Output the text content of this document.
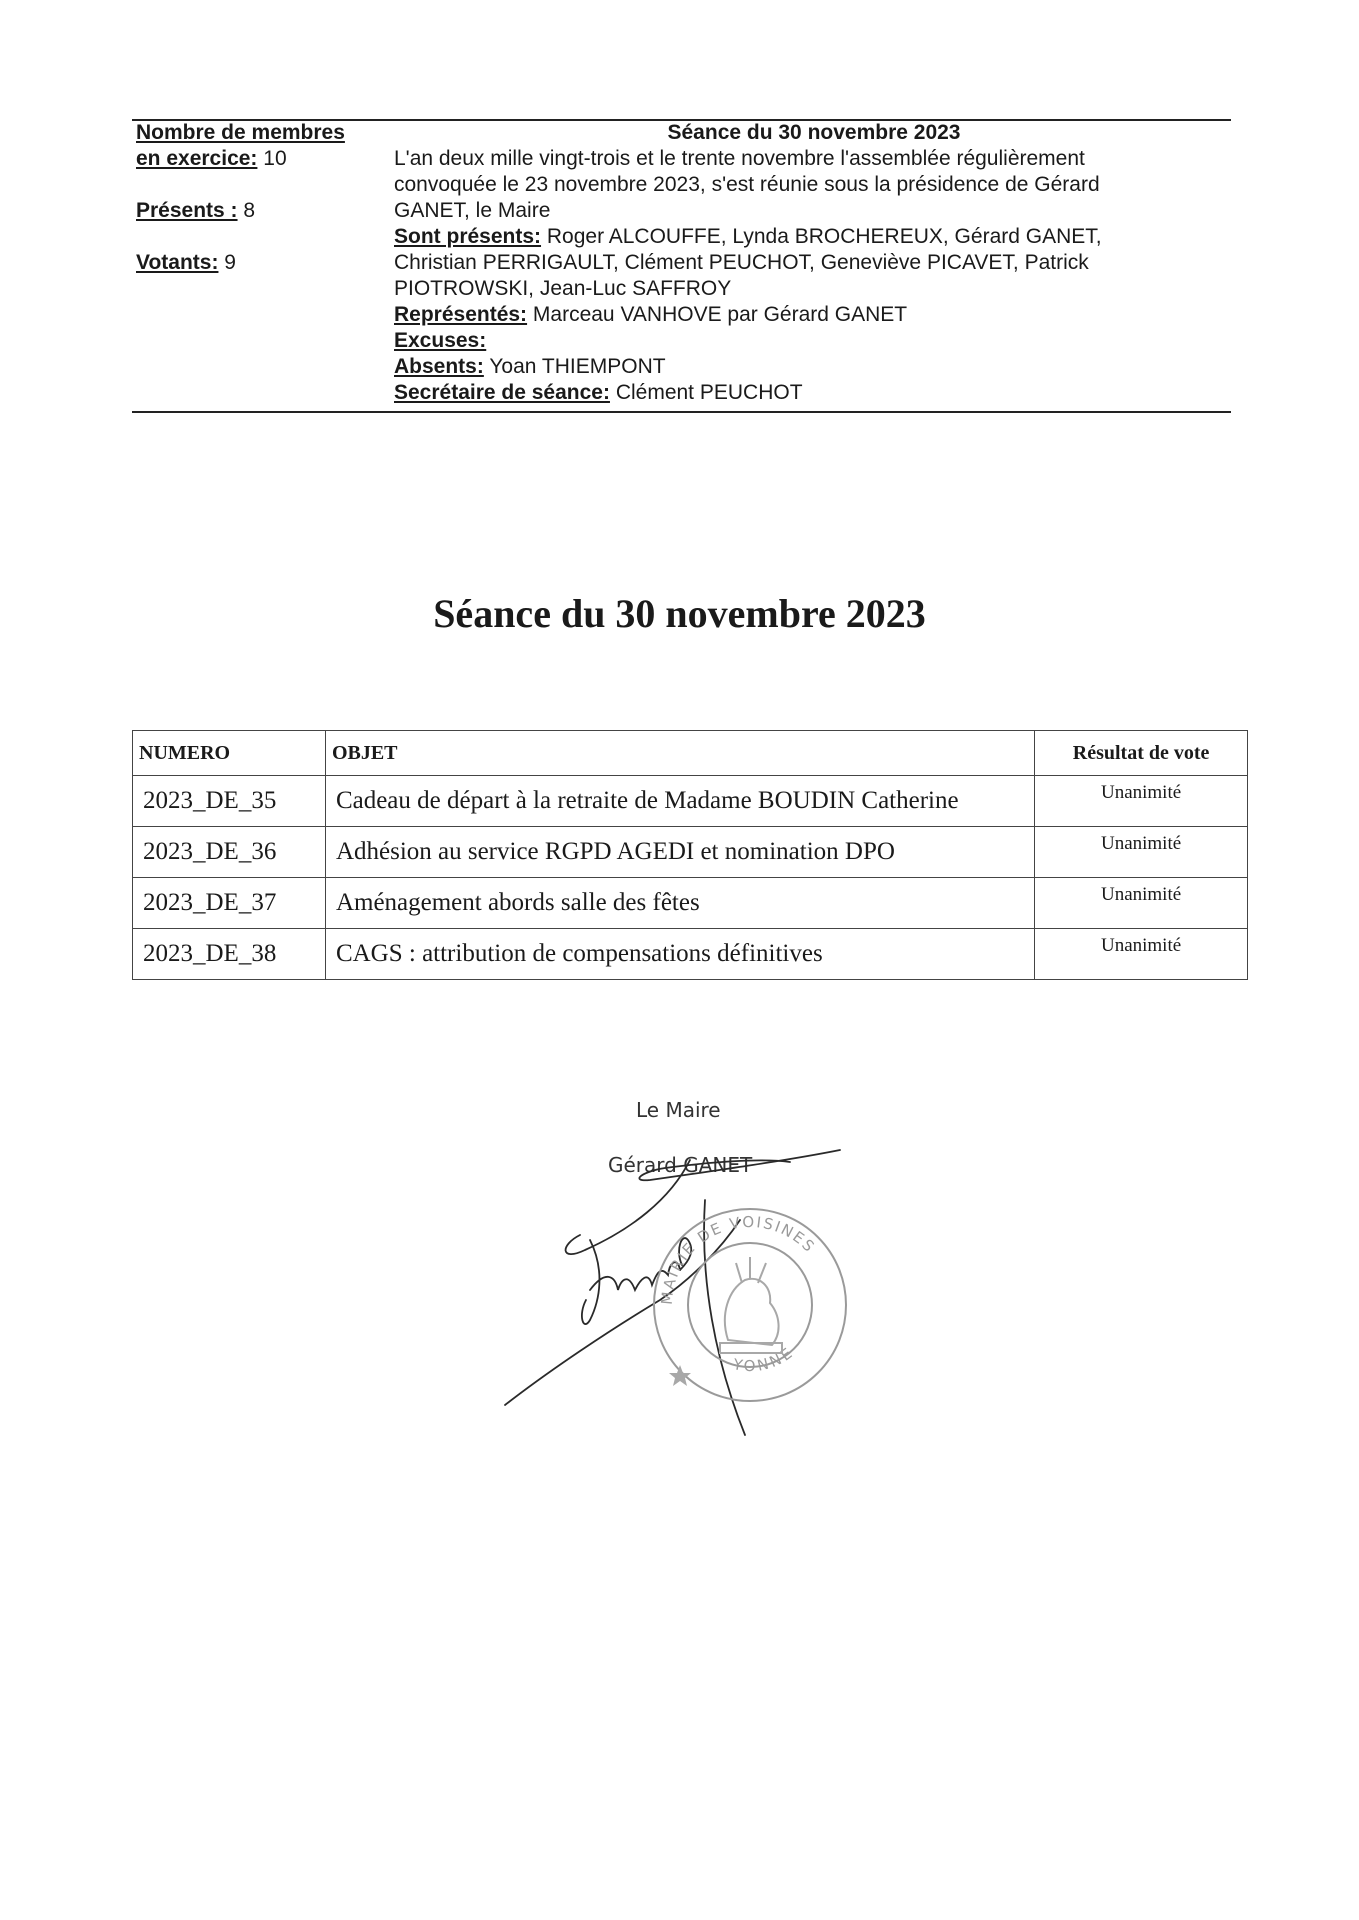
Nombre de membres
en exercice: 10
Présents : 8
Votants: 9
Séance du 30 novembre 2023
L'an deux mille vingt-trois et le trente novembre l'assemblée régulièrement
convoquée le 23 novembre 2023, s'est réunie sous la présidence de Gérard
GANET, le Maire
Sont présents: Roger ALCOUFFE, Lynda BROCHEREUX, Gérard GANET,
Christian PERRIGAULT, Clément PEUCHOT, Geneviève PICAVET, Patrick
PIOTROWSKI, Jean-Luc SAFFROY
Représentés: Marceau VANHOVE par Gérard GANET
Excuses:
Absents: Yoan THIEMPONT
Secrétaire de séance: Clément PEUCHOT
Séance du 30 novembre 2023
NUMERO	OBJET	Résultat de vote
2023_DE_35	Cadeau de départ à la retraite de Madame BOUDIN Catherine	Unanimité
2023_DE_36	Adhésion au service RGPD AGEDI et nomination DPO	Unanimité
2023_DE_37	Aménagement abords salle des fêtes	Unanimité
2023_DE_38	CAGS : attribution de compensations définitives	Unanimité
Le Maire
Gérard GANET
MAIRIE DE VOISINES
YONNE
